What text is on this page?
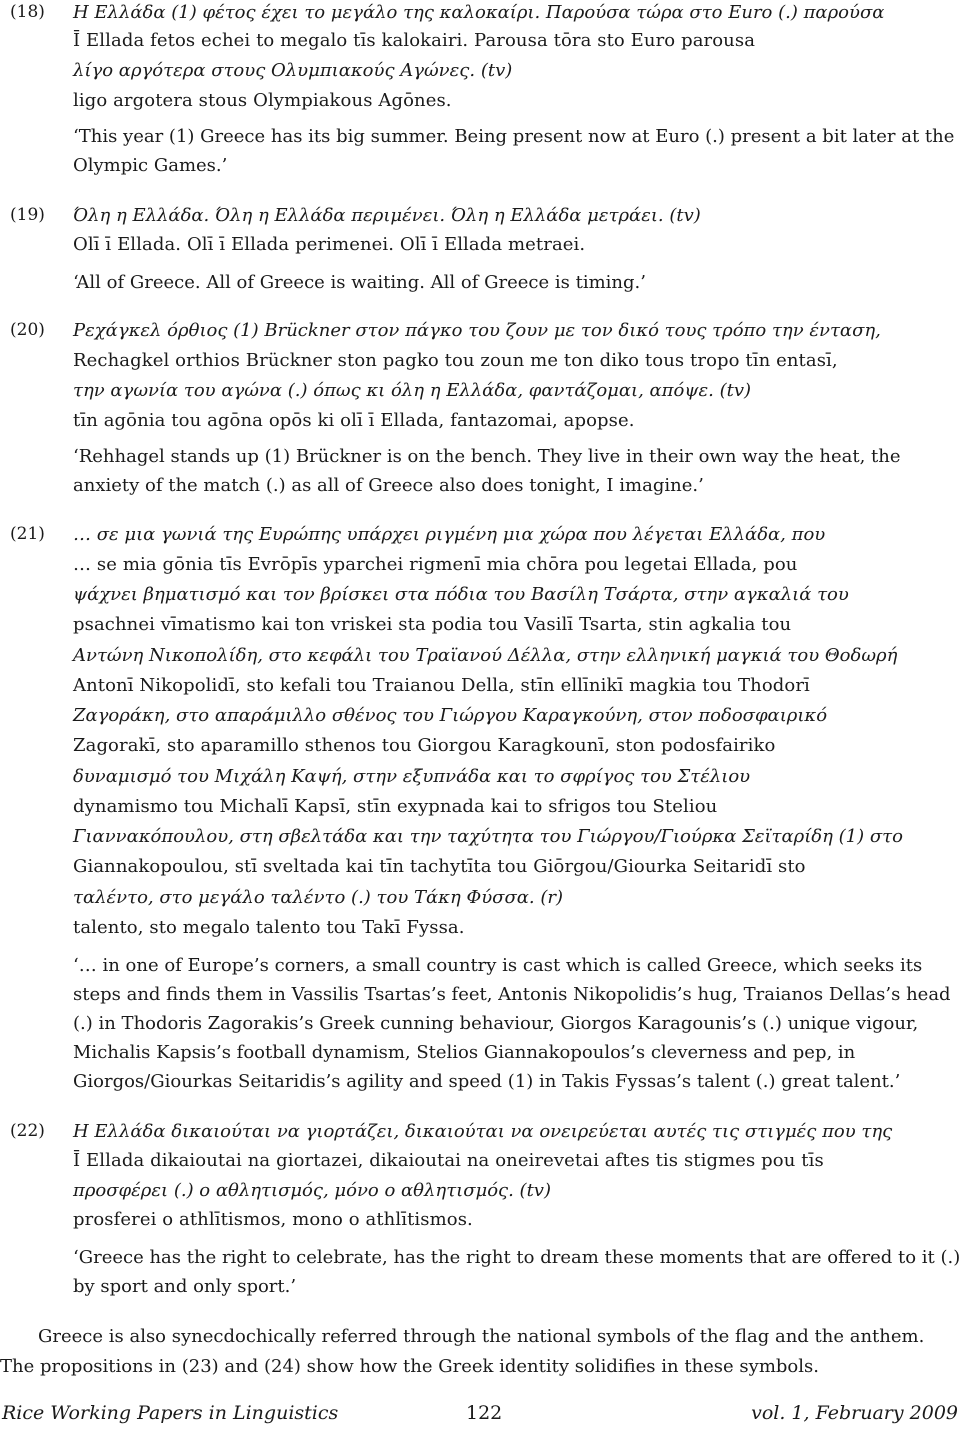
(18) Η Ελλάδα (1) φέτος έχει το μεγάλο της καλοκαίρι. Παρούσα τώρα στο Euro (.) παρούσα
Ī Ellada fetos echei to megalo tīs kalokairi. Parousa tōra sto Euro parousa
λίγο αργότερα στους Ολυμπιακούς Αγώνες. (tv)
ligo argotera stous Olympiakous Agōnes.
‘This year (1) Greece has its big summer. Being present now at Euro (.) present a bit later at the Olympic Games.’
(19) Όλη η Ελλάδα. Όλη η Ελλάδα περιμένει. Όλη η Ελλάδα μετράει. (tv)
Olī ī Ellada. Olī ī Ellada perimenei. Olī ī Ellada metraei.
‘All of Greece. All of Greece is waiting. All of Greece is timing.’
(20) Ρεχάγκελ όρθιος (1) Brückner στον πάγκο του ζουν με τον δικό τους τρόπο την ένταση,
Rechagkel orthios Brückner ston pagko tou zoun me ton diko tous tropo tīn entasī,
την αγωνία του αγώνα (.) όπως κι όλη η Ελλάδα, φαντάζομαι, απόψε. (tv)
tīn agōnia tou agōna opōs ki olī ī Ellada, fantazomai, apopse.
‘Rehhagel stands up (1) Brückner is on the bench. They live in their own way the heat, the anxiety of the match (.) as all of Greece also does tonight, I imagine.’
(21) … σε μια γωνιά της Ευρώπης υπάρχει ριγμένη μια χώρα που λέγεται Ελλάδα, που
… se mia gōnia tīs Evrōpīs yparchei rigmenī mia chōra pou legetai Ellada, pou
ψάχνει βηματισμό και τον βρίσκει στα πόδια του Βασίλη Τσάρτα, στην αγκαλιά του
psachnei vīmatismo kai ton vriskei sta podia tou Vasilī Tsarta, stin agkalia tou
Αντώνη Νικοπολίδη, στο κεφάλι του Τραϊανού Δέλλα, στην ελληνική μαγκιά του Θοδωρή
Antonī Nikopolidī, sto kefali tou Traianou Della, stīn ellīnikī magkia tou Thodorī
Ζαγοράκη, στο απαράμιλλο σθένος του Γιώργου Καραγκούνη, στον ποδοσφαιρικό
Zagorakī, sto aparamillo sthenos tou Giorgou Karagkounī, ston podosfairiko
δυναμισμό του Μιχάλη Καψή, στην εξυπνάδα και το σφρίγος του Στέλιου
dynamismo tou Michalī Kapsī, stīn exypnada kai to sfrigos tou Steliou
Γιαννακόπουλου, στη σβελτάδα και την ταχύτητα του Γιώργου/Γιούρκα Σεϊταρίδη (1) στο
Giannakopoulou, stī sveltada kai tīn tachytīta tou Giōrgou/Giourka Seitaridī sto
ταλέντο, στο μεγάλο ταλέντο (.) του Τάκη Φύσσα. (r)
talento, sto megalo talento tou Takī Fyssa.
‘… in one of Europe’s corners, a small country is cast which is called Greece, which seeks its steps and finds them in Vassilis Tsartas’s feet, Antonis Nikopolidis’s hug, Traianos Dellas’s head (.) in Thodoris Zagorakis’s Greek cunning behaviour, Giorgos Karagounis’s (.) unique vigour, Michalis Kapsis’s football dynamism, Stelios Giannakopoulos’s cleverness and pep, in Giorgos/Giourkas Seitaridis’s agility and speed (1) in Takis Fyssas’s talent (.) great talent.’
(22) Η Ελλάδα δικαιούται να γιορτάζει, δικαιούται να ονειρεύεται αυτές τις στιγμές που της
Ī Ellada dikaioutai na giortazei, dikaioutai na oneirevetai aftes tis stigmes pou tīs
προσφέρει (.) ο αθλητισμός, μόνο ο αθλητισμός. (tv)
prosferei o athlītismos, mono o athlītismos.
‘Greece has the right to celebrate, has the right to dream these moments that are offered to it (.) by sport and only sport.’
Greece is also synecdochically referred through the national symbols of the flag and the anthem.
The propositions in (23) and (24) show how the Greek identity solidifies in these symbols.
Rice Working Papers in Linguistics	122	vol. 1, February 2009
